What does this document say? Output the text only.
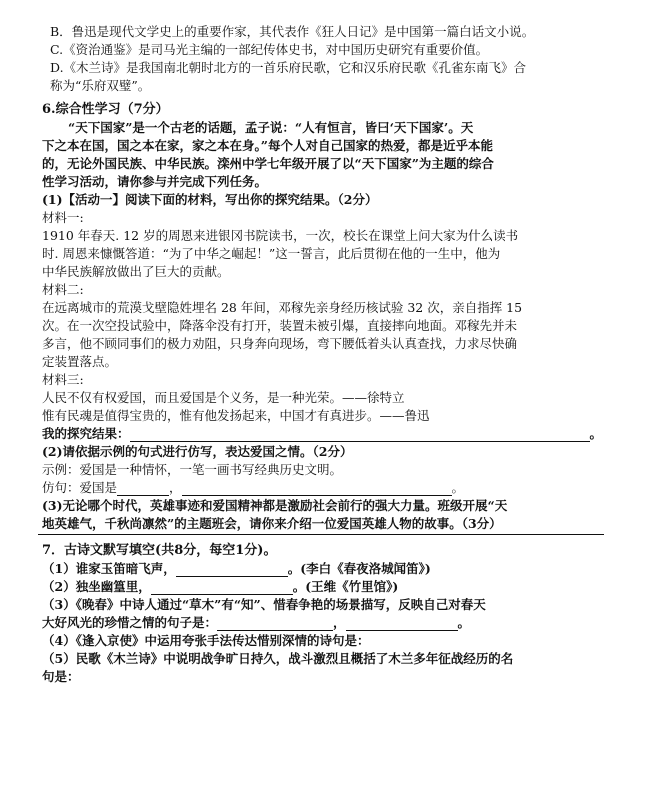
B．鲁迅是现代文学史上的重要作家，其代表作《狂人日记》是中国第一篇白话文小说。
C.《资治通鉴》是司马光主编的一部纪传体史书，对中国历史研究有重要价值。
D.《木兰诗》是我国南北朝时北方的一首乐府民歌，它和汉乐府民歌《孔雀东南飞》合
称为“乐府双璧”。
6.综合性学习（7分）
“天下国家”是一个古老的话题，孟子说：“人有恒言，皆曰‘天下国家’。天
下之本在国，国之本在家，家之本在身。”每个人对自己国家的热爱，都是近乎本能
的，无论外国民族、中华民族。滦州中学七年级开展了以“天下国家”为主题的综合
性学习活动，请你参与并完成下列任务。
(1)【活动一】阅读下面的材料，写出你的探究结果。（2分）
材料一:
1910 年春天. 12 岁的周恩来进银冈书院读书，一次，校长在课堂上问大家为什么读书
时. 周恩来慷慨答道：“为了中华之崛起！”这一誓言，此后贯彻在他的一生中，他为
中华民族解放做出了巨大的贡献。
材料二:
在远离城市的荒漠戈壁隐姓埋名 28 年间，邓稼先亲身经历核试验 32 次，亲自指挥 15
次。在一次空投试验中，降落伞没有打开，装置未被引爆，直接摔向地面。邓稼先并未
多言，他不顾同事们的极力劝阻，只身奔向现场，弯下腰低着头认真查找，力求尽快确
定装置落点。
材料三:
人民不仅有权爱国，而且爱国是个义务，是一种光荣。——徐特立
惟有民魂是值得宝贵的，惟有他发扬起来，中国才有真进步。——鲁迅
我的探究结果：	。
(2)请依据示例的句式进行仿写，表达爱国之情。（2分）
示例：爱国是一种情怀，一笔一画书写经典历史文明。
仿句：爱国是	，	。
(3)无论哪个时代，英雄事迹和爱国精神都是激励社会前行的强大力量。班级开展“天
地英雄气，千秋尚凛然”的主题班会，请你来介绍一位爱国英雄人物的故事。（3分）
7．古诗文默写填空(共8分，每空1分)。
（1）谁家玉笛暗飞声，	。(李白《春夜洛城闻笛》)
（2）独坐幽篁里，	。(王维《竹里馆》)
（3）《晚春》中诗人通过“草木”有“知”、惜春争艳的场景描写，反映自己对春天
大好风光的珍惜之情的句子是：	，	。
（4）《逢入京使》中运用夸张手法传达惜别深情的诗句是：
（5）民歌《木兰诗》中说明战争旷日持久，战斗激烈且概括了木兰多年征战经历的名
句是：
